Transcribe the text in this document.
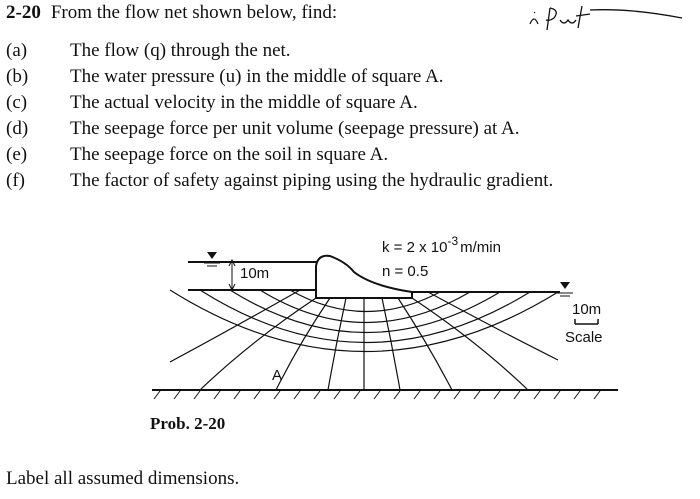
2-20 From the flow net shown below, find:
(a) The flow (q) through the net.
(b) The water pressure (u) in the middle of square A.
(c) The actual velocity in the middle of square A.
(d) The seepage force per unit volume (seepage pressure) at A.
(e) The seepage force on the soil in square A.
(f) The factor of safety against piping using the hydraulic gradient.
10m
k = 2 x $10^{-3}$ m/min
n = 0.5
A
10m
Scale
Prob. 2-20
Label all assumed dimensions.
